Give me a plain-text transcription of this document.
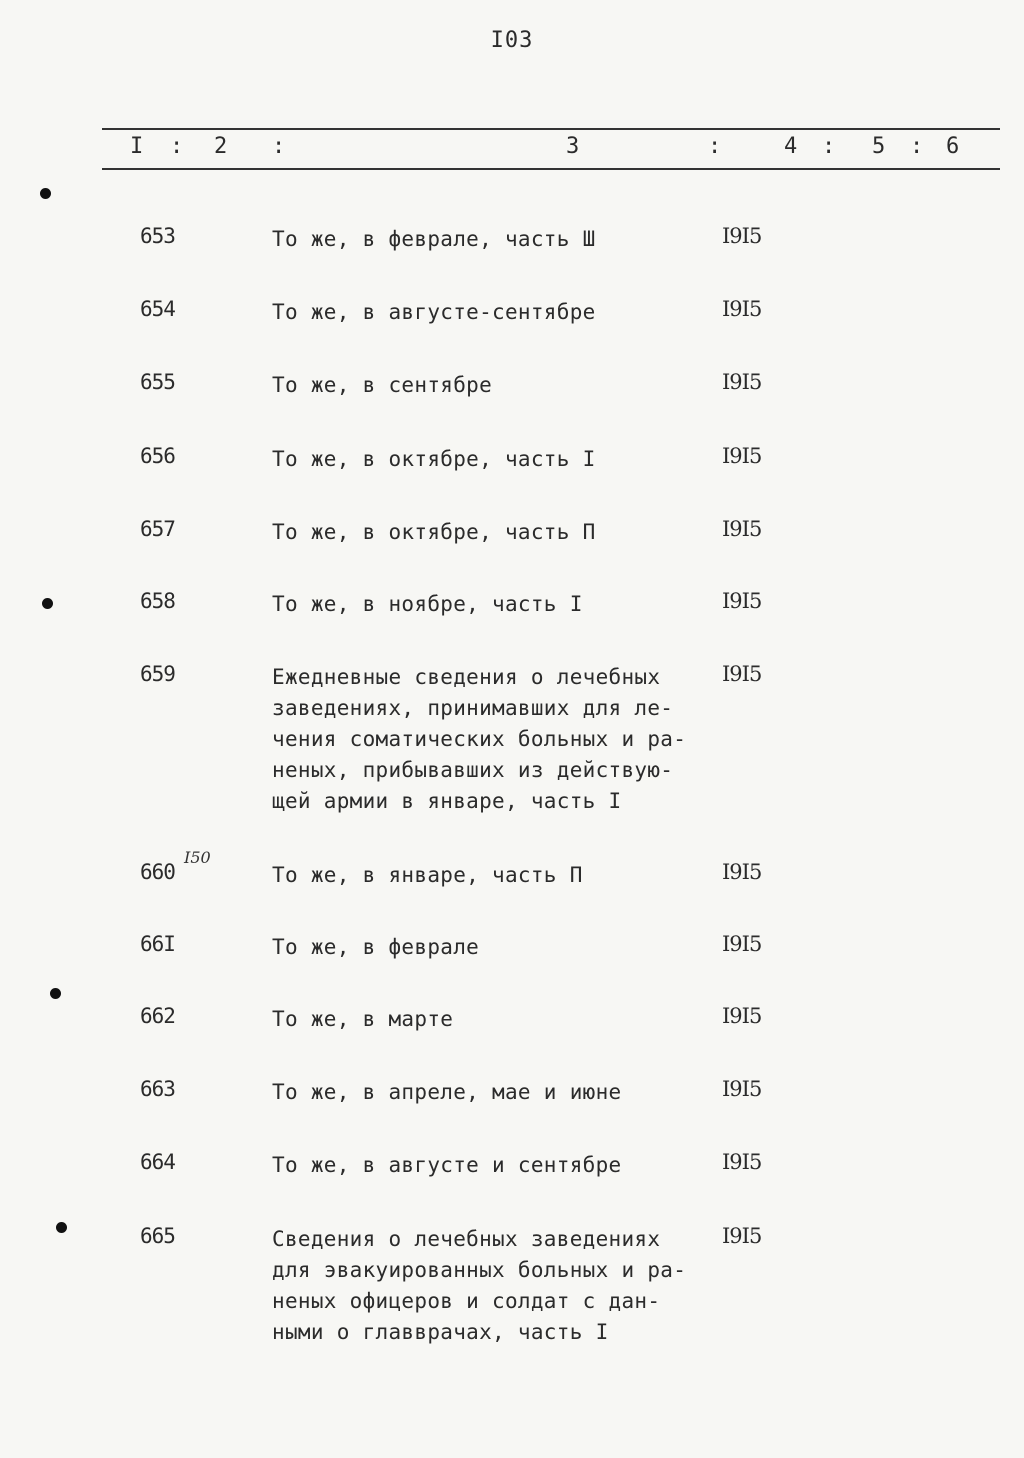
I03
I : 2 :	3	:	4 : 5 : 6
653	То же, в феврале, часть Ш	I9I5
654	То же, в августе-сентябре	I9I5
655	То же, в сентябре	I9I5
656	То же, в октябре, часть I	I9I5
657	То же, в октябре, часть П	I9I5
658	То же, в ноябре, часть I	I9I5
659	Ежедневные сведения о лечебных
заведениях, принимавших для ле-
чения соматических больных и ра-
неных, прибывавших из действую-
щей армии в январе, часть I
I9I5
660	То же, в январе, часть П	I9I5
66I	То же, в феврале	I9I5
662	То же, в марте	I9I5
663	То же, в апреле, мае и июне	I9I5
664	То же, в августе и сентябре	I9I5
665	Сведения о лечебных заведениях
для эвакуированных больных и ра-
неных офицеров и солдат с дан-
ными о главврачах, часть I
I9I5
I50
